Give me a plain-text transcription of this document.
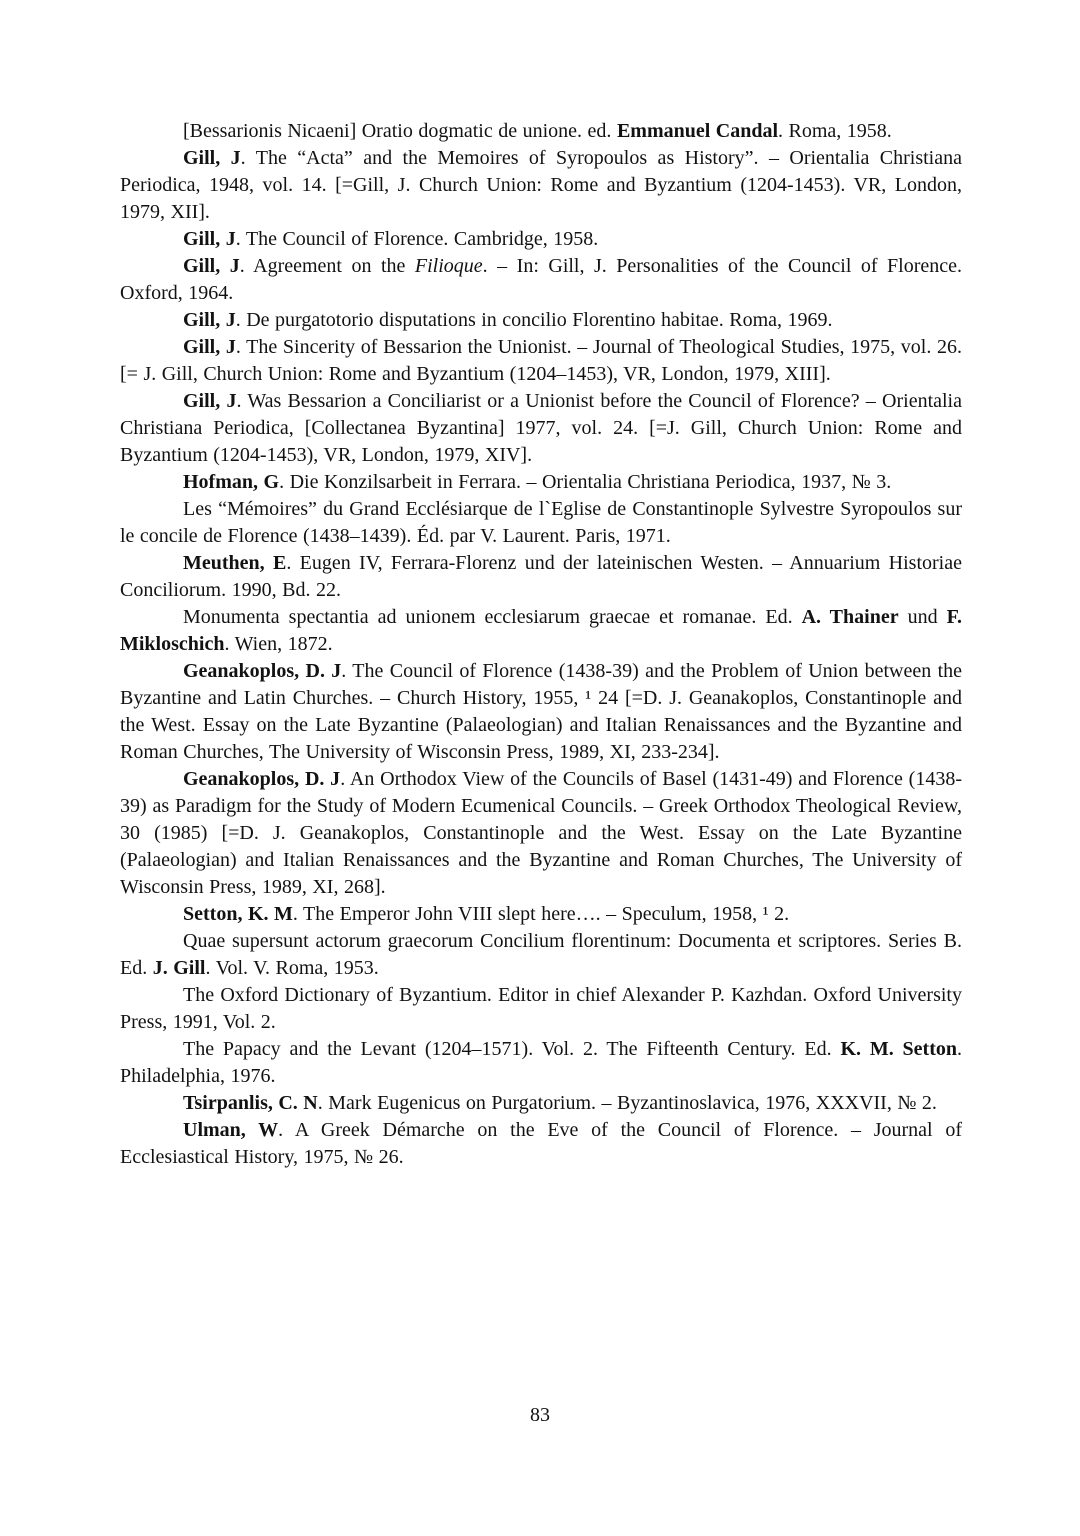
[Bessarionis Nicaeni] Oratio dogmatic de unione. ed. Emmanuel Candal. Roma, 1958.

Gill, J. The “Acta” and the Memoires of Syropoulos as History”. – Orientalia Christiana Periodica, 1948, vol. 14. [=Gill, J. Church Union: Rome and Byzantium (1204-1453). VR, London, 1979, XII].

Gill, J. The Council of Florence. Cambridge, 1958.

Gill, J. Agreement on the Filioque. – In: Gill, J. Personalities of the Council of Florence. Oxford, 1964.

Gill, J. De purgatotorio disputations in concilio Florentino habitae. Roma, 1969.

Gill, J. The Sincerity of Bessarion the Unionist. – Journal of Theological Studies, 1975, vol. 26. [= J. Gill, Church Union: Rome and Byzantium (1204–1453), VR, London, 1979, XIII].

Gill, J. Was Bessarion a Conciliarist or a Unionist before the Council of Florence? – Orientalia Christiana Periodica, [Collectanea Byzantina] 1977, vol. 24. [=J. Gill, Church Union: Rome and Byzantium (1204-1453), VR, London, 1979, XIV].

Hofman, G. Die Konzilsarbeit in Ferrara. – Orientalia Christiana Periodica, 1937, № 3.

Les “Mémoires” du Grand Ecclésiarque de l`Eglise de Constantinople Sylvestre Syropoulos sur le concile de Florence (1438–1439). Éd. par V. Laurent. Paris, 1971.

Meuthen, E. Eugen IV, Ferrara-Florenz und der lateinischen Westen. – Annuarium Historiae Conciliorum. 1990, Bd. 22.

Monumenta spectantia ad unionem ecclesiarum graecae et romanae. Ed. A. Thainer und F. Mikloschich. Wien, 1872.

Geanakoplos, D. J. The Council of Florence (1438-39) and the Problem of Union between the Byzantine and Latin Churches. – Church History, 1955, ¹ 24 [=D. J. Geanakoplos, Constantinople and the West. Essay on the Late Byzantine (Palaeologian) and Italian Renaissances and the Byzantine and Roman Churches, The University of Wisconsin Press, 1989, XI, 233-234].

Geanakoplos, D. J. An Orthodox View of the Councils of Basel (1431-49) and Florence (1438-39) as Paradigm for the Study of Modern Ecumenical Councils. – Greek Orthodox Theological Review, 30 (1985) [=D. J. Geanakoplos, Constantinople and the West. Essay on the Late Byzantine (Palaeologian) and Italian Renaissances and the Byzantine and Roman Churches, The University of Wisconsin Press, 1989, XI, 268].

Setton, K. M. The Emperor John VIII slept here…. – Speculum, 1958, ¹ 2.

Quae supersunt actorum graecorum Concilium florentinum: Documenta et scriptores. Series B. Ed. J. Gill. Vol. V. Roma, 1953.

The Oxford Dictionary of Byzantium. Editor in chief Alexander P. Kazhdan. Oxford University Press, 1991, Vol. 2.

The Papacy and the Levant (1204–1571). Vol. 2. The Fifteenth Century. Ed. K. M. Setton. Philadelphia, 1976.

Tsirpanlis, C. N. Mark Eugenicus on Purgatorium. – Byzantinoslavica, 1976, XXXVII, № 2.

Ulman, W. A Greek Démarche on the Eve of the Council of Florence. – Journal of Ecclesiastical History, 1975, № 26.

83
